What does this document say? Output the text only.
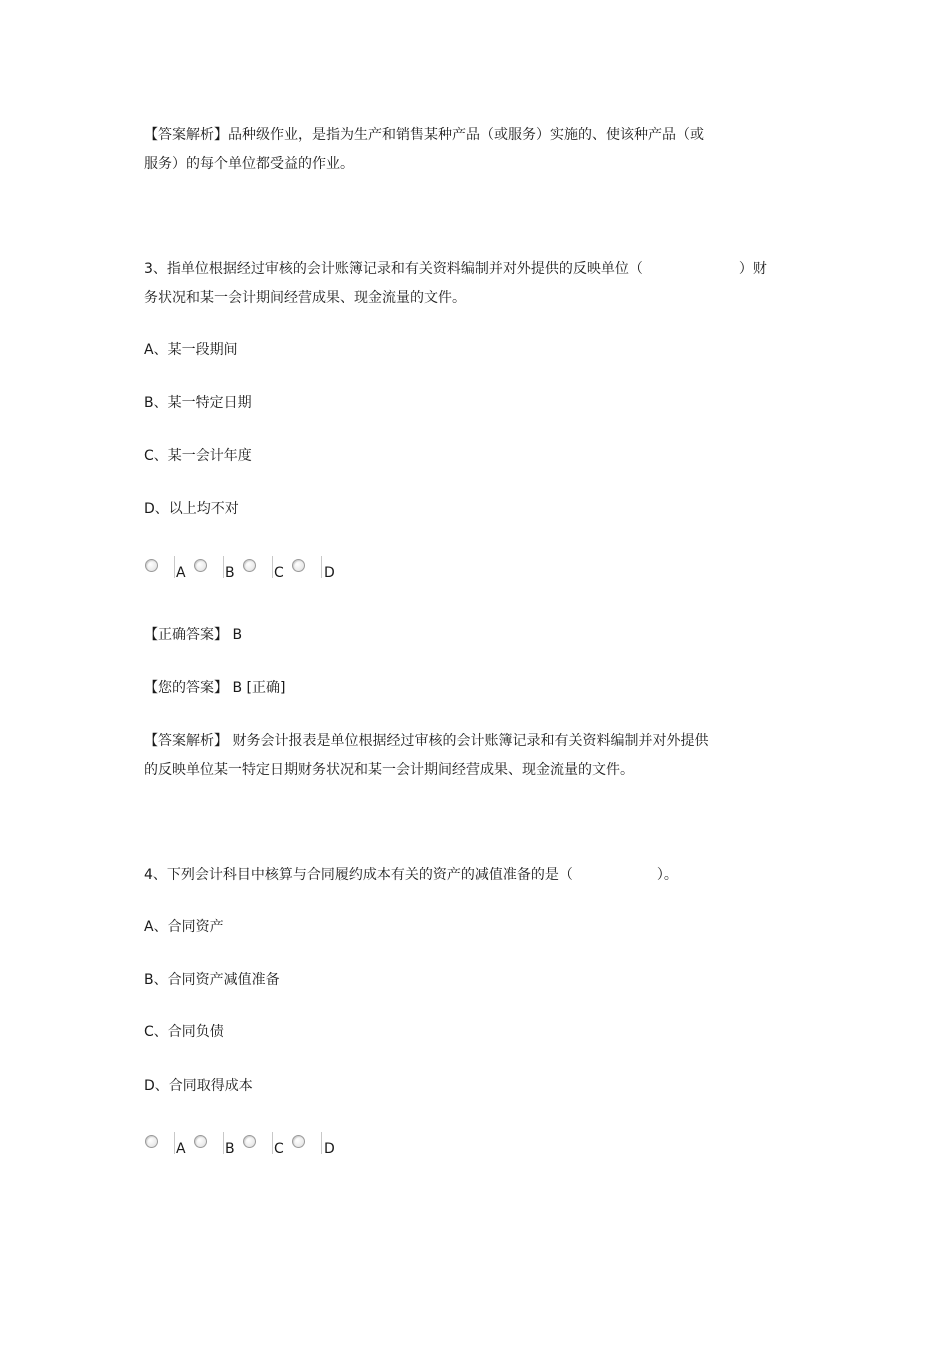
【答案解析】品种级作业，是指为生产和销售某种产品（或服务）实施的、使该种产品（或
服务）的每个单位都受益的作业。
3、指单位根据经过审核的会计账簿记录和有关资料编制并对外提供的反映单位（	）财
务状况和某一会计期间经营成果、现金流量的文件。
A、某一段期间
B、某一特定日期
C、某一会计年度
D、以上均不对
A	B	C	D
【正确答案】 B
【您的答案】 B [正确]
【答案解析】 财务会计报表是单位根据经过审核的会计账簿记录和有关资料编制并对外提供
的反映单位某一特定日期财务状况和某一会计期间经营成果、现金流量的文件。
4、下列会计科目中核算与合同履约成本有关的资产的减值准备的是（	）。
A、合同资产
B、合同资产减值准备
C、合同负债
D、合同取得成本
A	B	C	D
